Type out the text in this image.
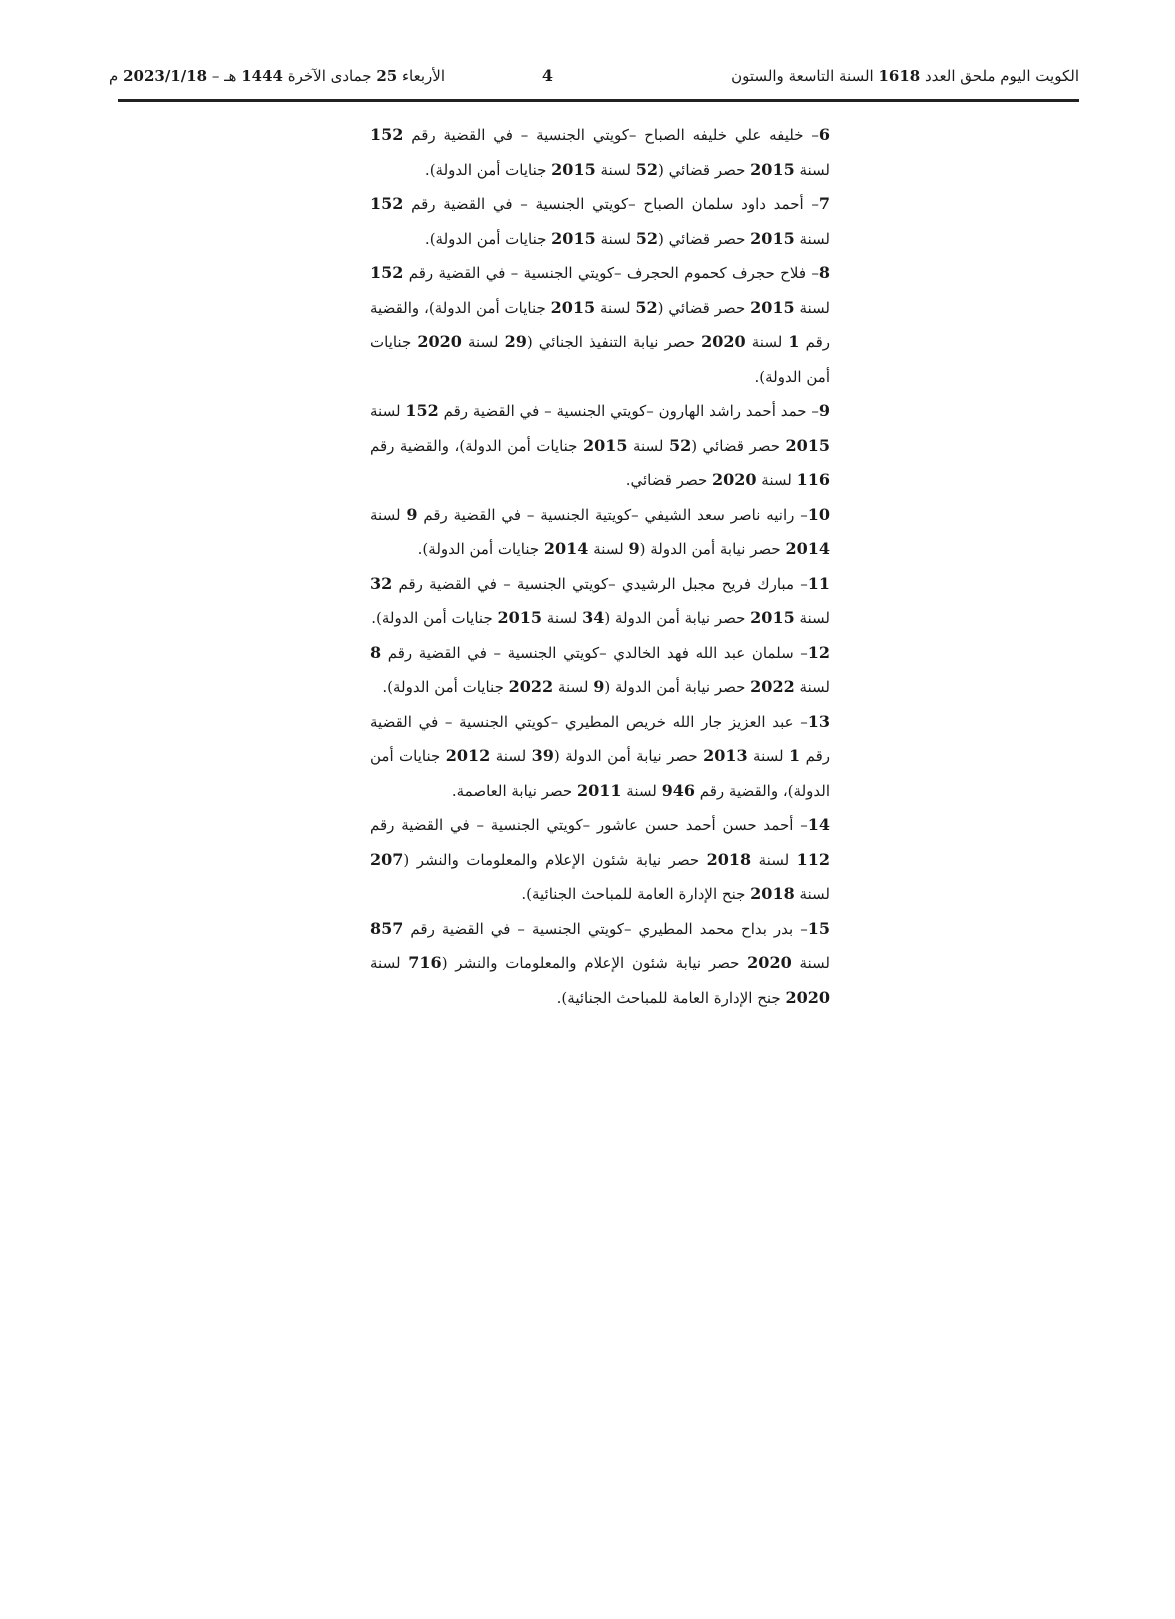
الكويت اليوم ملحق العدد 1618 السنة التاسعة والستون
4
الأربعاء 25 جمادى الآخرة 1444 هـ – 2023/1/18 م

6– خليفه علي خليفه الصباح –كويتي الجنسية – في القضية رقم 152 لسنة 2015 حصر قضائي (52 لسنة 2015 جنايات أمن الدولة).

7– أحمد داود سلمان الصباح –كويتي الجنسية – في القضية رقم 152 لسنة 2015 حصر قضائي (52 لسنة 2015 جنايات أمن الدولة).

8– فلاح حجرف كحموم الحجرف –كويتي الجنسية – في القضية رقم 152 لسنة 2015 حصر قضائي (52 لسنة 2015 جنايات أمن الدولة)، والقضية رقم 1 لسنة 2020 حصر نيابة التنفيذ الجنائي (29 لسنة 2020 جنايات أمن الدولة).

9– حمد أحمد راشد الهارون –كويتي الجنسية – في القضية رقم 152 لسنة 2015 حصر قضائي (52 لسنة 2015 جنايات أمن الدولة)، والقضية رقم 116 لسنة 2020 حصر قضائي.

10– رانيه ناصر سعد الشيفي –كويتية الجنسية – في القضية رقم 9 لسنة 2014 حصر نيابة أمن الدولة (9 لسنة 2014 جنايات أمن الدولة).

11– مبارك فريح مجبل الرشيدي –كويتي الجنسية – في القضية رقم 32 لسنة 2015 حصر نيابة أمن الدولة (34 لسنة 2015 جنايات أمن الدولة).

12– سلمان عبد الله فهد الخالدي –كويتي الجنسية – في القضية رقم 8 لسنة 2022 حصر نيابة أمن الدولة (9 لسنة 2022 جنايات أمن الدولة).

13– عبد العزيز جار الله خريص المطيري –كويتي الجنسية – في القضية رقم 1 لسنة 2013 حصر نيابة أمن الدولة (39 لسنة 2012 جنايات أمن الدولة)، والقضية رقم 946 لسنة 2011 حصر نيابة العاصمة.

14– أحمد حسن أحمد حسن عاشور –كويتي الجنسية – في القضية رقم 112 لسنة 2018 حصر نيابة شئون الإعلام والمعلومات والنشر (207 لسنة 2018 جنح الإدارة العامة للمباحث الجنائية).

15– بدر بداح محمد المطيري –كويتي الجنسية – في القضية رقم 857 لسنة 2020 حصر نيابة شئون الإعلام والمعلومات والنشر (716 لسنة 2020 جنح الإدارة العامة للمباحث الجنائية).
